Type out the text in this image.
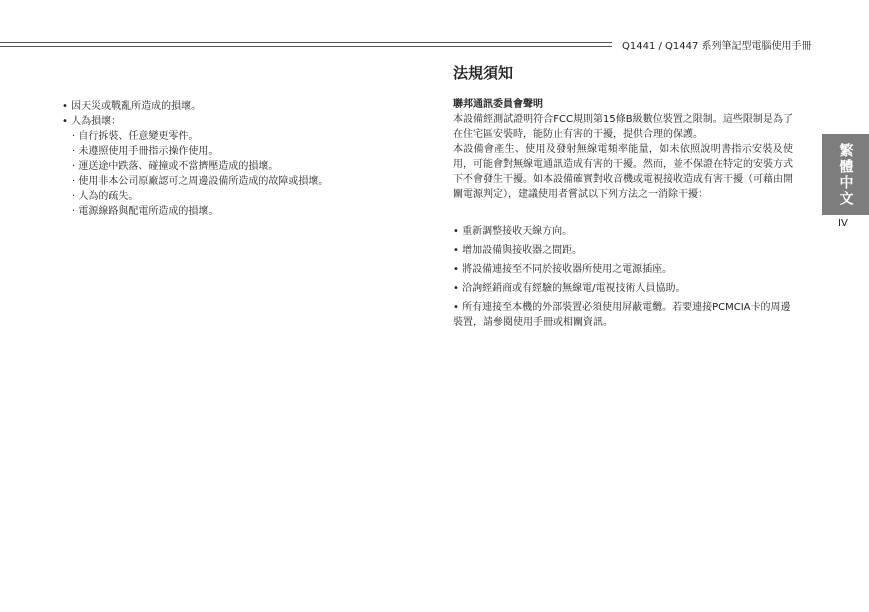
Q1441 / Q1447 系列筆記型電腦使用手冊
• 因天災或戰亂所造成的損壞。
• 人為損壞：
· 自行拆裝、任意變更零件。
· 未遵照使用手冊指示操作使用。
· 運送途中跌落、碰撞或不當擠壓造成的損壞。
· 使用非本公司原廠認可之周邊設備所造成的故障或損壞。
· 人為的疏失。
· 電源線路與配電所造成的損壞。
法規須知
聯邦通訊委員會聲明

本設備經測試證明符合FCC規則第15條B級數位裝置之限制。這些限制是為了在住宅區安裝時，能防止有害的干擾，提供合理的保護。

本設備會產生、使用及發射無線電頻率能量，如未依照說明書指示安裝及使用，可能會對無線電通訊造成有害的干擾。然而，並不保證在特定的安裝方式下不會發生干擾。如本設備確實對收音機或電視接收造成有害干擾（可藉由開關電源判定），建議使用者嘗試以下列方法之一消除干擾：

• 重新調整接收天線方向。
• 增加設備與接收器之間距。
• 將設備連接至不同於接收器所使用之電源插座。
• 洽詢經銷商或有經驗的無線電/電視技術人員協助。
• 所有連接至本機的外部裝置必須使用屏蔽電纜。若要連接PCMCIA卡的周邊裝置，請參閱使用手冊或相關資訊。
繁體中文
IV
